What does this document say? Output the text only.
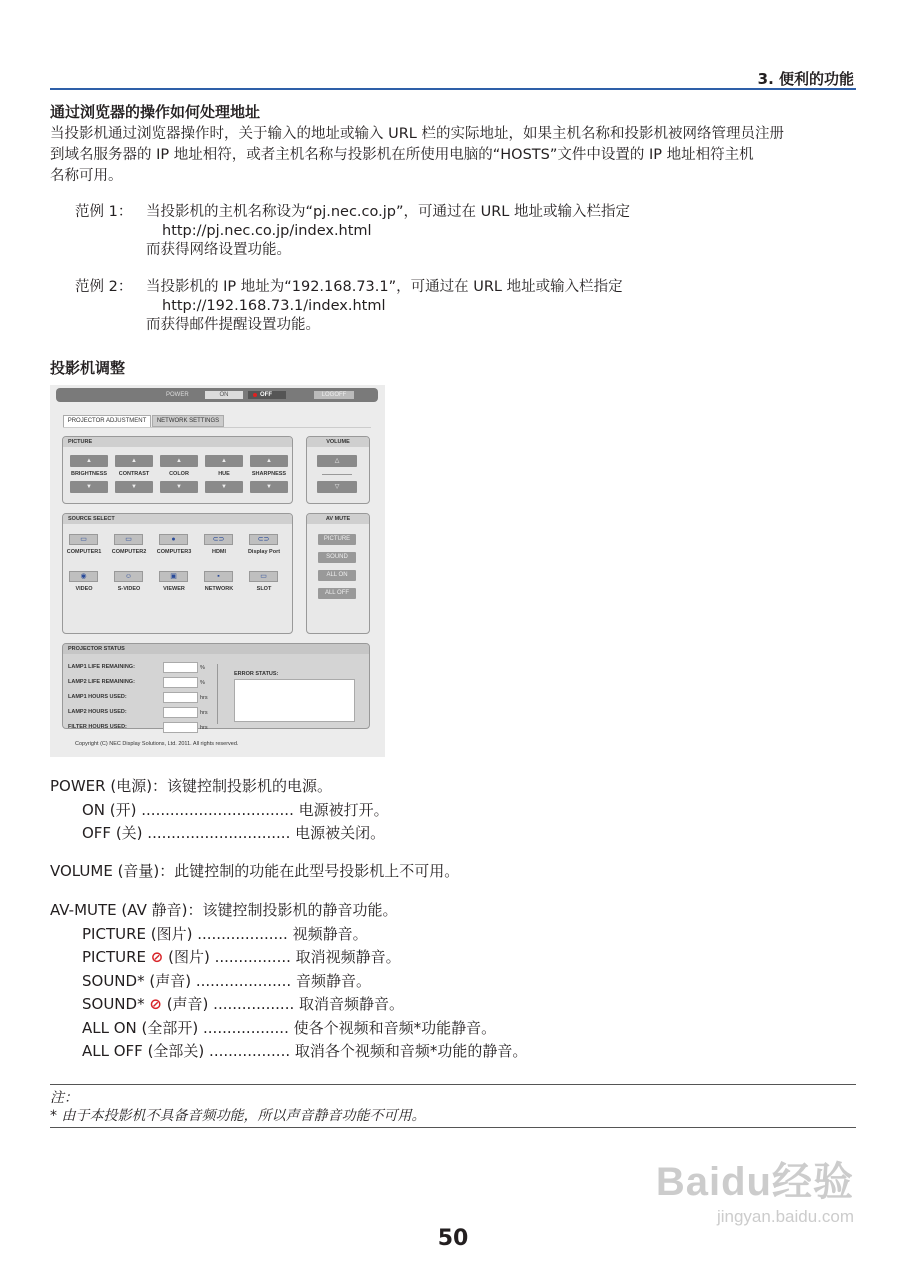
3. 便利的功能
通过浏览器的操作如何处理地址
当投影机通过浏览器操作时，关于输入的地址或输入 URL 栏的实际地址，如果主机名称和投影机被网络管理员注册
到域名服务器的 IP 地址相符，或者主机名称与投影机在所使用电脑的“HOSTS”文件中设置的 IP 地址相符主机
名称可用。
范例 1： 当投影机的主机名称设为“pj.nec.co.jp”，可通过在 URL 地址或输入栏指定
http://pj.nec.co.jp/index.html
而获得网络设置功能。
范例 2： 当投影机的 IP 地址为“192.168.73.1”，可通过在 URL 地址或输入栏指定
http://192.168.73.1/index.html
而获得邮件提醒设置功能。
投影机调整
POWER	ON	OFF	LOGOFF
PROJECTOR ADJUSTMENT	NETWORK SETTINGS
PICTURE
▲
BRIGHTNESS
▼
▲
CONTRAST
▼
▲
COLOR
▼
▲
HUE
▼
▲
SHARPNESS
▼
VOLUME
△
▽
SOURCE SELECT
▭
COMPUTER1
▭
COMPUTER2
●
COMPUTER3
⊂⊃
HDMI
⊂⊃
Display Port
◉
VIDEO
☺
S-VIDEO
▣
VIEWER
▪
NETWORK
▭
SLOT
AV MUTE
PICTURE
SOUND
ALL ON
ALL OFF
PROJECTOR STATUS
LAMP1 LIFE REMAINING:	%
LAMP2 LIFE REMAINING:	%
LAMP1 HOURS USED:	hrs
LAMP2 HOURS USED:	hrs
FILTER HOURS USED:	hrs
ERROR STATUS:
Copyright (C) NEC Display Solutions, Ltd. 2011. All rights reserved.
POWER (电源)：该键控制投影机的电源。
ON (开) ................................ 电源被打开。
OFF (关) .............................. 电源被关闭。
VOLUME (音量)：此键控制的功能在此型号投影机上不可用。
AV-MUTE (AV 静音)：该键控制投影机的静音功能。
PICTURE (图片) ................... 视频静音。
PICTURE ⊘ (图片) ................ 取消视频静音。
SOUND* (声音) .................... 音频静音。
SOUND* ⊘ (声音) ................. 取消音频静音。
ALL ON (全部开) .................. 使各个视频和音频*功能静音。
ALL OFF (全部关) ................. 取消各个视频和音频*功能的静音。
注：
* 由于本投影机不具备音频功能，所以声音静音功能不可用。
Baidu经验
jingyan.baidu.com
50
